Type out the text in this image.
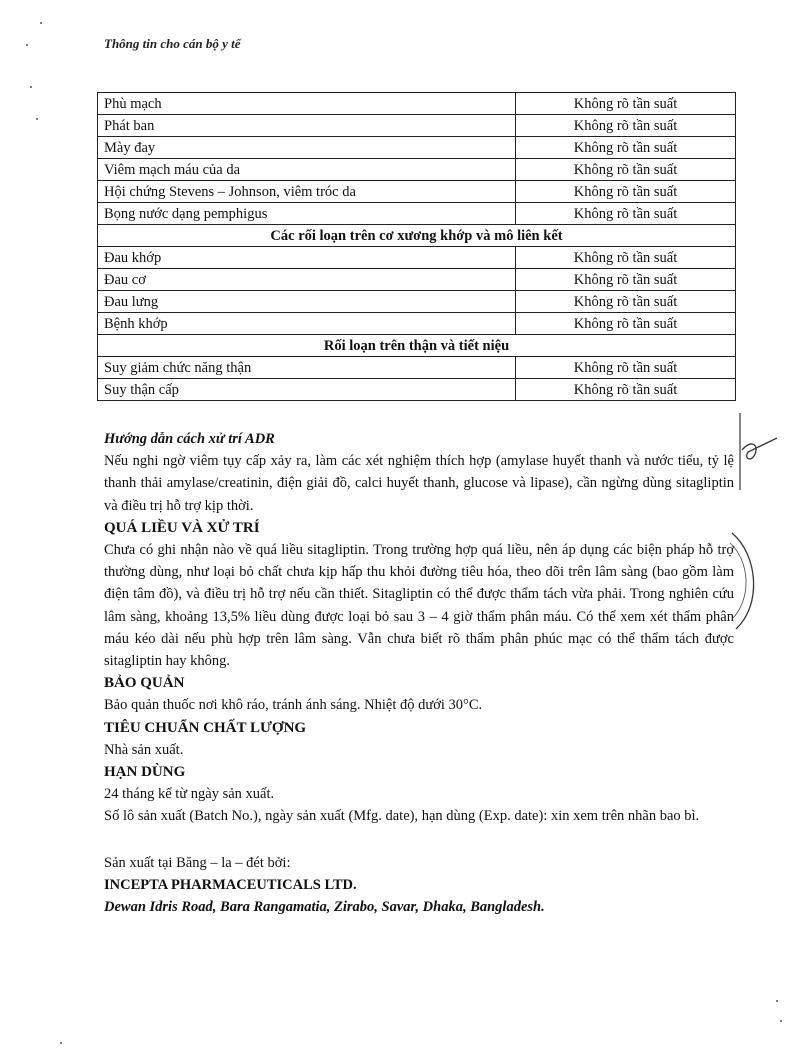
Thông tin cho cán bộ y tế
Phù mạch	Không rõ tần suất
Phát ban	Không rõ tần suất
Mày đay	Không rõ tần suất
Viêm mạch máu của da	Không rõ tần suất
Hội chứng Stevens – Johnson, viêm tróc da	Không rõ tần suất
Bọng nước dạng pemphigus	Không rõ tần suất
Các rối loạn trên cơ xương khớp và mô liên kết	
Đau khớp	Không rõ tần suất
Đau cơ	Không rõ tần suất
Đau lưng	Không rõ tần suất
Bệnh khớp	Không rõ tần suất
Rối loạn trên thận và tiết niệu	
Suy giảm chức năng thận	Không rõ tần suất
Suy thận cấp	Không rõ tần suất

Hướng dẫn cách xử trí ADR

Nếu nghi ngờ viêm tụy cấp xảy ra, làm các xét nghiệm thích hợp (amylase huyết thanh và nước tiểu, tỷ lệ thanh thải amylase/creatinin, điện giải đồ, calci huyết thanh, glucose và lipase), cần ngừng dùng sitagliptin và điều trị hỗ trợ kịp thời.

QUÁ LIỀU VÀ XỬ TRÍ

Chưa có ghi nhận nào về quá liều sitagliptin. Trong trường hợp quá liều, nên áp dụng các biện pháp hỗ trợ thường dùng, như loại bỏ chất chưa kịp hấp thu khỏi đường tiêu hóa, theo dõi trên lâm sàng (bao gồm làm điện tâm đồ), và điều trị hỗ trợ nếu cần thiết. Sitagliptin có thể được thẩm tách vừa phải. Trong nghiên cứu lâm sàng, khoảng 13,5% liều dùng được loại bỏ sau 3 – 4 giờ thẩm phân máu. Có thể xem xét thẩm phân máu kéo dài nếu phù hợp trên lâm sàng. Vẫn chưa biết rõ thẩm phân phúc mạc có thể thẩm tách được sitagliptin hay không.

BẢO QUẢN

Bảo quản thuốc nơi khô ráo, tránh ánh sáng. Nhiệt độ dưới 30°C.

TIÊU CHUẨN CHẤT LƯỢNG

Nhà sản xuất.

HẠN DÙNG

24 tháng kể từ ngày sản xuất.

Số lô sản xuất (Batch No.), ngày sản xuất (Mfg. date), hạn dùng (Exp. date): xin xem trên nhãn bao bì.

Sản xuất tại Băng – la – đét bởi:

INCEPTA PHARMACEUTICALS LTD.

Dewan Idris Road, Bara Rangamatia, Zirabo, Savar, Dhaka, Bangladesh.
